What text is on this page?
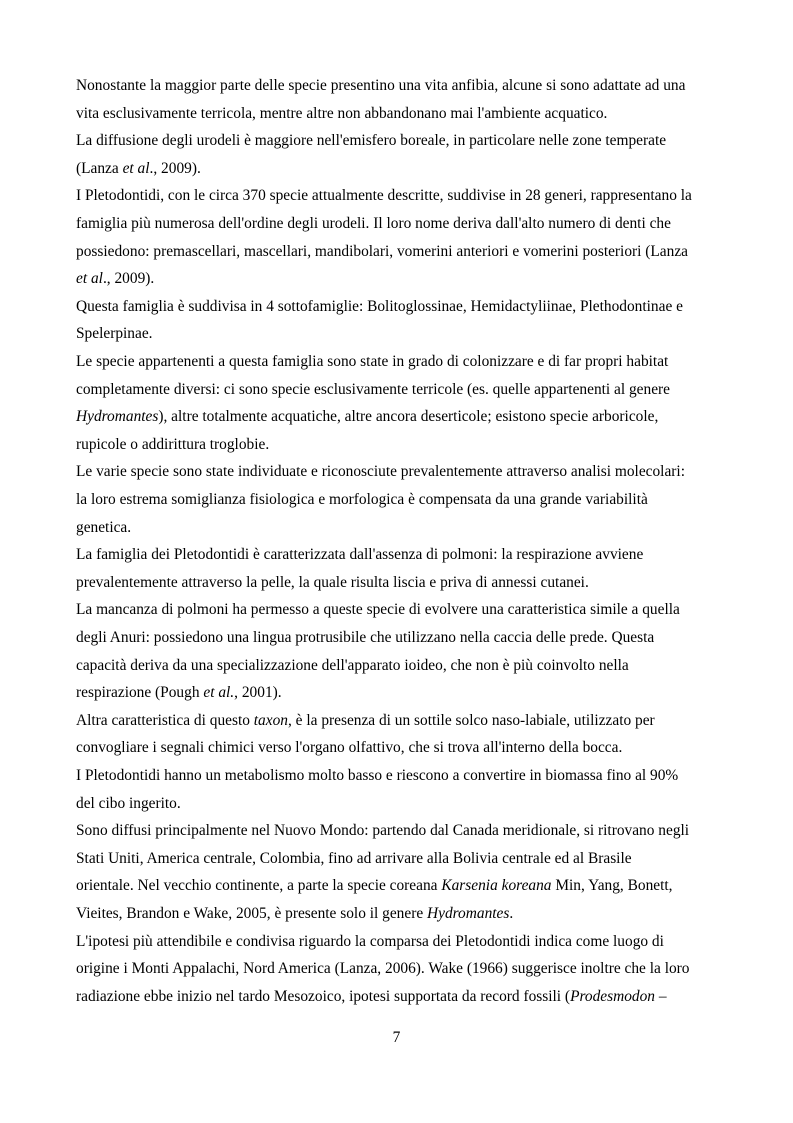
Nonostante la maggior parte delle specie presentino una vita anfibia, alcune si sono adattate ad una
vita esclusivamente terricola, mentre altre non abbandonano mai l'ambiente acquatico.
La diffusione degli urodeli è maggiore nell'emisfero boreale, in particolare nelle zone temperate
(Lanza et al., 2009).
I Pletodontidi, con le circa 370 specie attualmente descritte, suddivise in 28 generi, rappresentano la
famiglia più numerosa dell'ordine degli urodeli. Il loro nome deriva dall'alto numero di denti che
possiedono: premascellari, mascellari, mandibolari, vomerini anteriori e vomerini posteriori (Lanza
et al., 2009).
Questa famiglia è suddivisa in 4 sottofamiglie: Bolitoglossinae, Hemidactyliinae, Plethodontinae e
Spelerpinae.
Le specie appartenenti a questa famiglia sono state in grado di colonizzare e di far propri habitat
completamente diversi: ci sono specie esclusivamente terricole (es. quelle appartenenti al genere
Hydromantes), altre totalmente acquatiche, altre ancora deserticole; esistono specie arboricole,
rupicole o addirittura troglobie.
Le varie specie sono state individuate e riconosciute prevalentemente attraverso analisi molecolari:
la loro estrema somiglianza fisiologica e morfologica è compensata da una grande variabilità
genetica.
La famiglia dei Pletodontidi è caratterizzata dall'assenza di polmoni: la respirazione avviene
prevalentemente attraverso la pelle, la quale risulta liscia e priva di annessi cutanei.
La mancanza di polmoni ha permesso a queste specie di evolvere una caratteristica simile a quella
degli Anuri: possiedono una lingua protrusibile che utilizzano nella caccia delle prede. Questa
capacità deriva da una specializzazione dell'apparato ioideo, che non è più coinvolto nella
respirazione (Pough et al., 2001).
Altra caratteristica di questo taxon, è la presenza di un sottile solco naso-labiale, utilizzato per
convogliare i segnali chimici verso l'organo olfattivo, che si trova all'interno della bocca.
I Pletodontidi hanno un metabolismo molto basso e riescono a convertire in biomassa fino al 90%
del cibo ingerito.
Sono diffusi principalmente nel Nuovo Mondo: partendo dal Canada meridionale, si ritrovano negli
Stati Uniti, America centrale, Colombia, fino ad arrivare alla Bolivia centrale ed al Brasile
orientale. Nel vecchio continente, a parte la specie coreana Karsenia koreana Min, Yang, Bonett,
Vieites, Brandon e Wake, 2005, è presente solo il genere Hydromantes.
L'ipotesi più attendibile e condivisa riguardo la comparsa dei Pletodontidi indica come luogo di
origine i Monti Appalachi, Nord America (Lanza, 2006). Wake (1966) suggerisce inoltre che la loro
radiazione ebbe inizio nel tardo Mesozoico, ipotesi supportata da record fossili (Prodesmodon –
7
